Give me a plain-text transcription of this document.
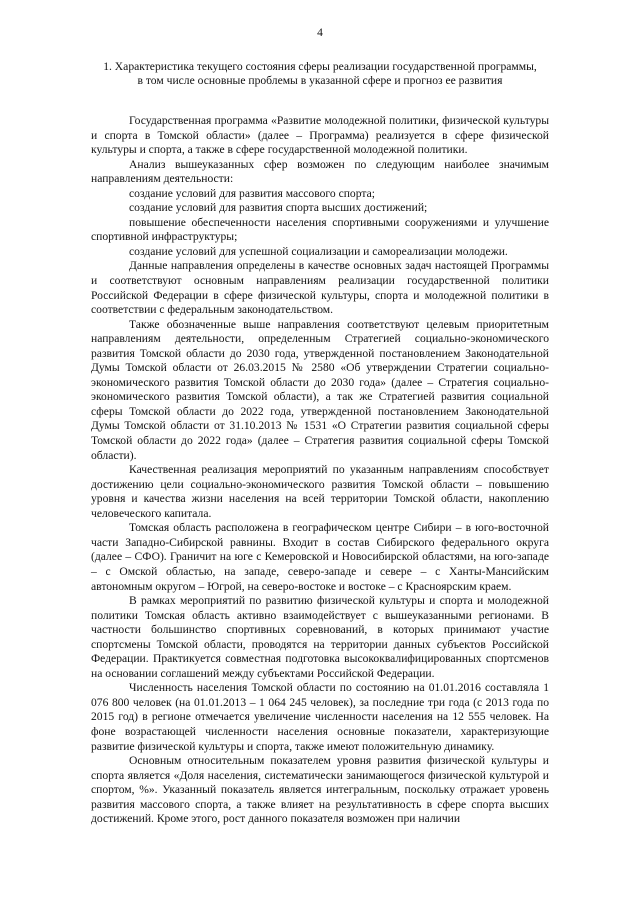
4
1. Характеристика текущего состояния сферы реализации государственной программы,
в том числе основные проблемы в указанной сфере и прогноз ее развития

Государственная программа «Развитие молодежной политики, физической культуры и спорта в Томской области» (далее – Программа) реализуется в сфере физической культуры и спорта, а также в сфере государственной молодежной политики.

Анализ вышеуказанных сфер возможен по следующим наиболее значимым направлениям деятельности:

создание условий для развития массового спорта;

создание условий для развития спорта высших достижений;

повышение обеспеченности населения спортивными сооружениями и улучшение спортивной инфраструктуры;

создание условий для успешной социализации и самореализации молодежи.

Данные направления определены в качестве основных задач настоящей Программы и соответствуют основным направлениям реализации государственной политики Российской Федерации в сфере физической культуры, спорта и молодежной политики в соответствии с федеральным законодательством.

Также обозначенные выше направления соответствуют целевым приоритетным направлениям деятельности, определенным Стратегией социально-экономического развития Томской области до 2030 года, утвержденной постановлением Законодательной Думы Томской области от 26.03.2015 № 2580 «Об утверждении Стратегии социально-экономического развития Томской области до 2030 года» (далее – Стратегия социально-экономического развития Томской области), а так же Стратегией развития социальной сферы Томской области до 2022 года, утвержденной постановлением Законодательной Думы Томской области от 31.10.2013 № 1531 «О Стратегии развития социальной сферы Томской области до 2022 года» (далее – Стратегия развития социальной сферы Томской области).

Качественная реализация мероприятий по указанным направлениям способствует достижению цели социально-экономического развития Томской области – повышению уровня и качества жизни населения на всей территории Томской области, накоплению человеческого капитала.

Томская область расположена в географическом центре Сибири – в юго-восточной части Западно-Сибирской равнины. Входит в состав Сибирского федерального округа (далее – СФО). Граничит на юге с Кемеровской и Новосибирской областями, на юго-западе – с Омской областью, на западе, северо-западе и севере – с Ханты-Мансийским автономным округом – Югрой, на северо-востоке и востоке – с Красноярским краем.

В рамках мероприятий по развитию физической культуры и спорта и молодежной политики Томская область активно взаимодействует с вышеуказанными регионами. В частности большинство спортивных соревнований, в которых принимают участие спортсмены Томской области, проводятся на территории данных субъектов Российской Федерации. Практикуется совместная подготовка высококвалифицированных спортсменов на основании соглашений между субъектами Российской Федерации.

Численность населения Томской области по состоянию на 01.01.2016 составляла 1 076 800 человек (на 01.01.2013 – 1 064 245 человек), за последние три года (с 2013 года по 2015 год) в регионе отмечается увеличение численности населения на 12 555 человек. На фоне возрастающей численности населения основные показатели, характеризующие развитие физической культуры и спорта, также имеют положительную динамику.

Основным относительным показателем уровня развития физической культуры и спорта является «Доля населения, систематически занимающегося физической культурой и спортом, %». Указанный показатель является интегральным, поскольку отражает уровень развития массового спорта, а также влияет на результативность в сфере спорта высших достижений. Кроме этого, рост данного показателя возможен при наличии
